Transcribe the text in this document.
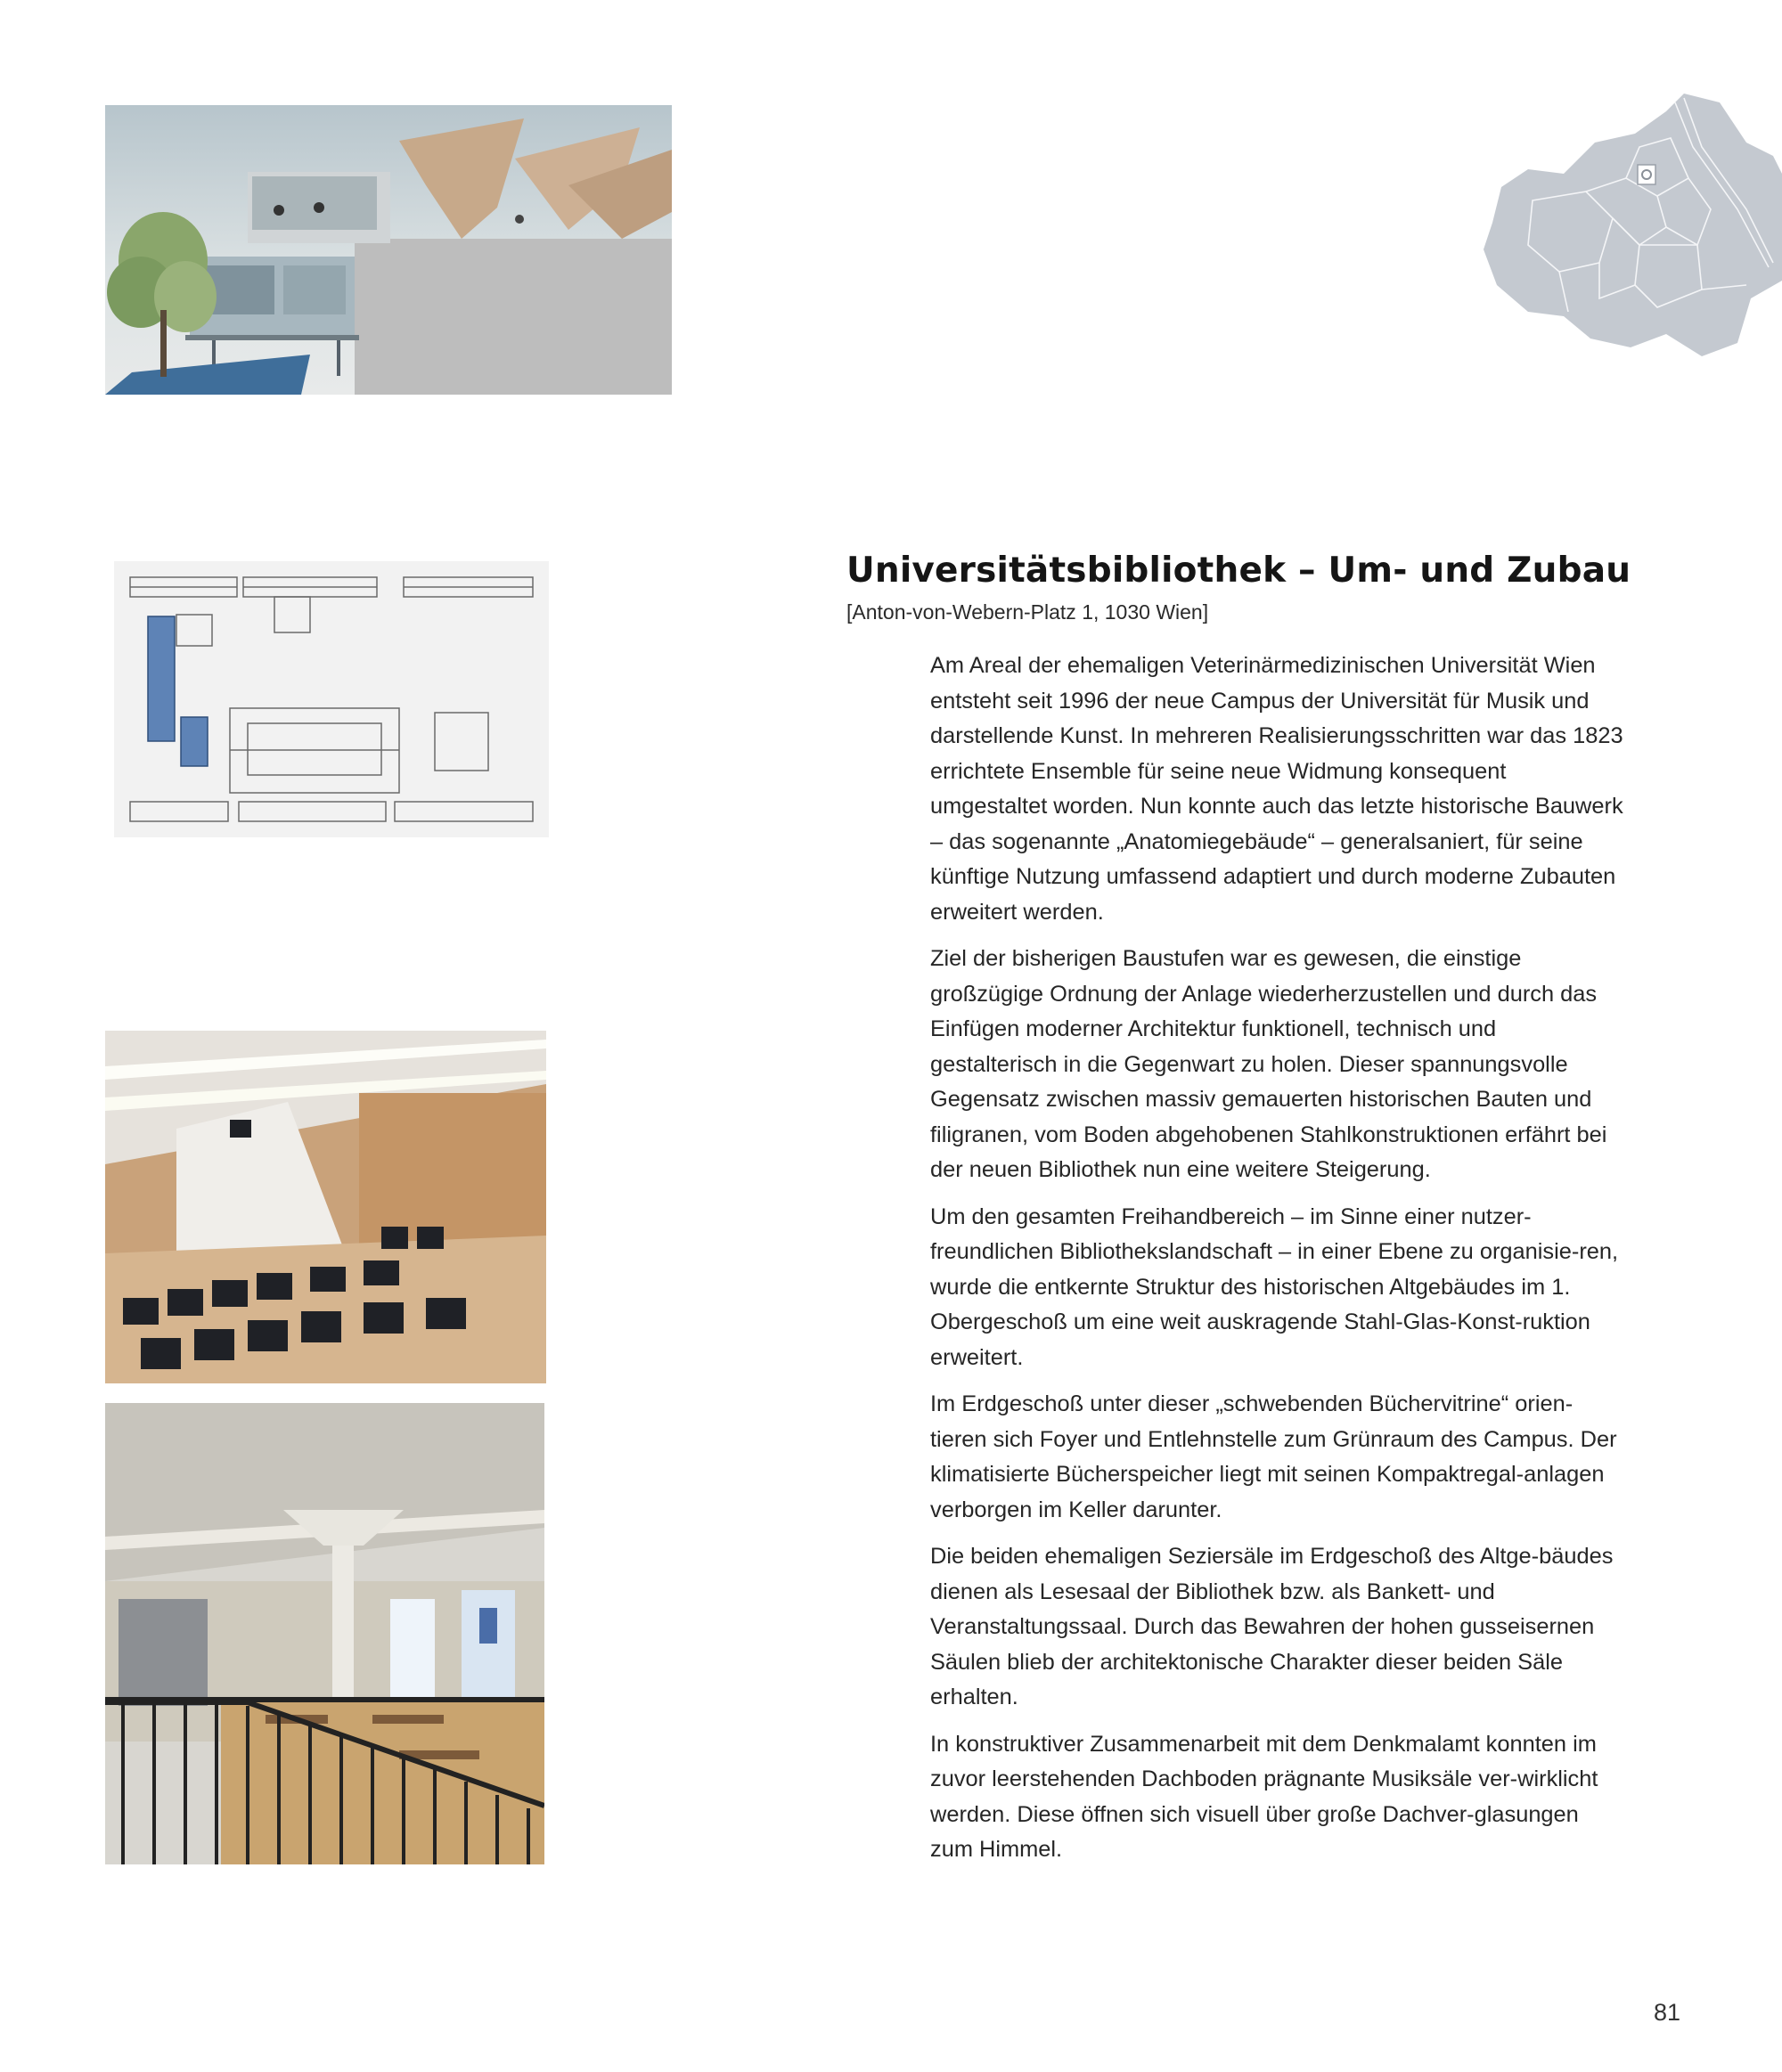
Universitätsbibliothek – Um- und Zubau

[Anton-von-Webern-Platz 1, 1030 Wien]

Am Areal der ehemaligen Veterinärmedizinischen Universität Wien entsteht seit 1996 der neue Campus der Universität für Musik und darstellende Kunst. In mehreren Realisierungsschritten war das 1823 errichtete Ensemble für seine neue Widmung konsequent umgestaltet worden. Nun konnte auch das letzte historische Bauwerk – das sogenannte „Anatomiegebäude“ – generalsaniert, für seine künftige Nutzung umfassend adaptiert und durch moderne Zubauten erweitert werden.

Ziel der bisherigen Baustufen war es gewesen, die einstige großzügige Ordnung der Anlage wiederherzustellen und durch das Einfügen moderner Architektur funktionell, technisch und gestalterisch in die Gegenwart zu holen. Dieser spannungsvolle Gegensatz zwischen massiv gemauerten historischen Bauten und filigranen, vom Boden abgehobenen Stahlkonstruktionen erfährt bei der neuen Bibliothek nun eine weitere Steigerung.

Um den gesamten Freihandbereich – im Sinne einer nutzer-freundlichen Bibliothekslandschaft – in einer Ebene zu organisie-ren, wurde die entkernte Struktur des historischen Altgebäudes im 1. Obergeschoß um eine weit auskragende Stahl-Glas-Konst-ruktion erweitert.

Im Erdgeschoß unter dieser „schwebenden Büchervitrine“ orien-tieren sich Foyer und Entlehnstelle zum Grünraum des Campus. Der klimatisierte Bücherspeicher liegt mit seinen Kompaktregal-anlagen verborgen im Keller darunter.

Die beiden ehemaligen Seziersäle im Erdgeschoß des Altge-bäudes dienen als Lesesaal der Bibliothek bzw. als Bankett- und Veranstaltungssaal. Durch das Bewahren der hohen gusseisernen Säulen blieb der architektonische Charakter dieser beiden Säle erhalten.

In konstruktiver Zusammenarbeit mit dem Denkmalamt konnten im zuvor leerstehenden Dachboden prägnante Musiksäle ver-wirklicht werden. Diese öffnen sich visuell über große Dachver-glasungen zum Himmel.

81
